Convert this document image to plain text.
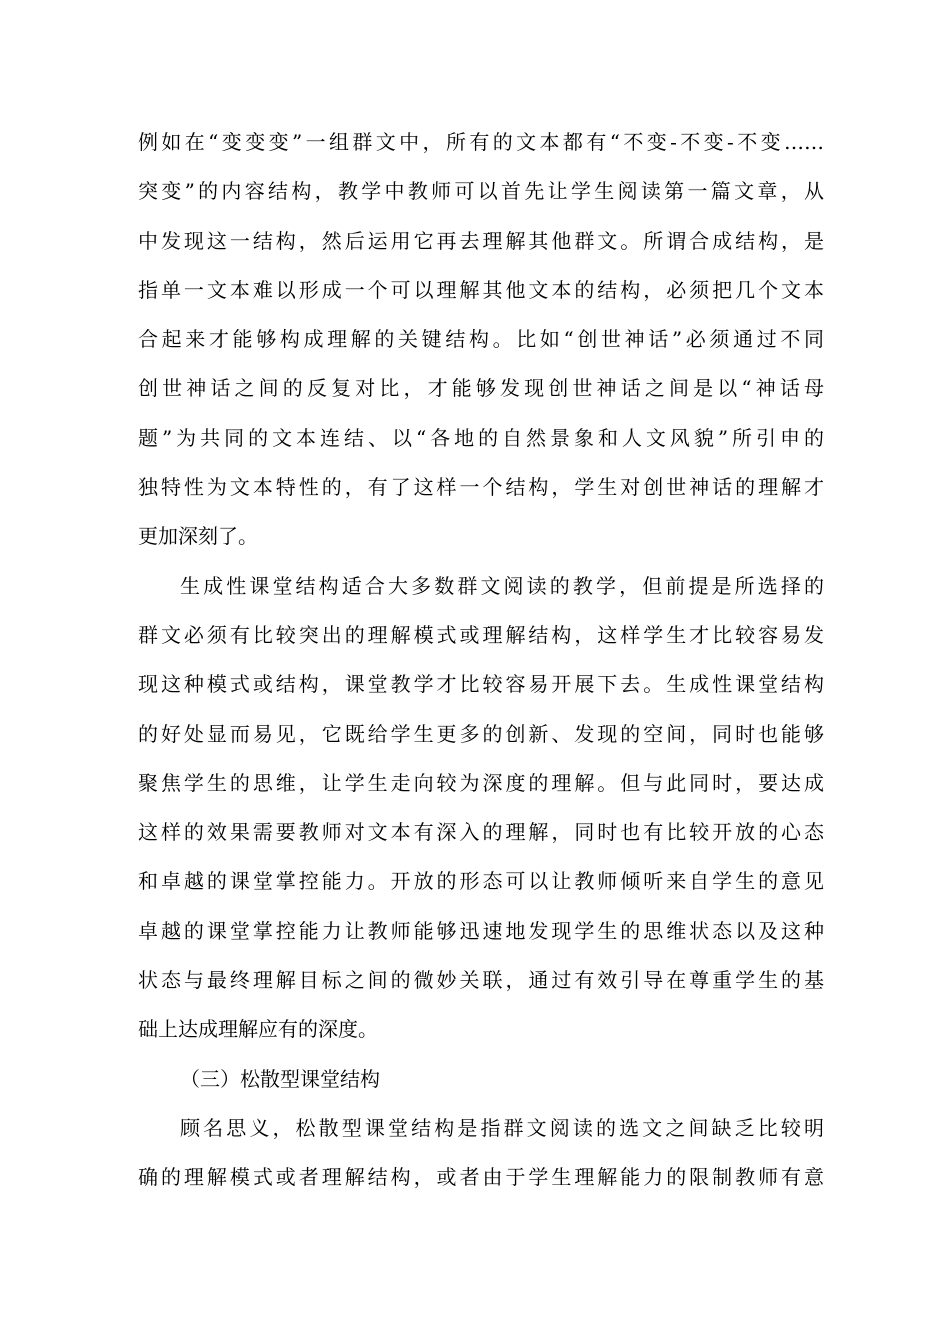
例如在“变变变”一组群文中，所有的文本都有“不变-不变-不变……
突变”的内容结构，教学中教师可以首先让学生阅读第一篇文章，从
中发现这一结构，然后运用它再去理解其他群文。所谓合成结构，是
指单一文本难以形成一个可以理解其他文本的结构，必须把几个文本
合起来才能够构成理解的关键结构。比如“创世神话”必须通过不同
创世神话之间的反复对比，才能够发现创世神话之间是以“神话母
题”为共同的文本连结、以“各地的自然景象和人文风貌”所引申的
独特性为文本特性的，有了这样一个结构，学生对创世神话的理解才
更加深刻了。
生成性课堂结构适合大多数群文阅读的教学，但前提是所选择的
群文必须有比较突出的理解模式或理解结构，这样学生才比较容易发
现这种模式或结构，课堂教学才比较容易开展下去。生成性课堂结构
的好处显而易见，它既给学生更多的创新、发现的空间，同时也能够
聚焦学生的思维，让学生走向较为深度的理解。但与此同时，要达成
这样的效果需要教师对文本有深入的理解，同时也有比较开放的心态
和卓越的课堂掌控能力。开放的形态可以让教师倾听来自学生的意见
卓越的课堂掌控能力让教师能够迅速地发现学生的思维状态以及这种
状态与最终理解目标之间的微妙关联，通过有效引导在尊重学生的基
础上达成理解应有的深度。
（三）松散型课堂结构
顾名思义，松散型课堂结构是指群文阅读的选文之间缺乏比较明
确的理解模式或者理解结构，或者由于学生理解能力的限制教师有意
